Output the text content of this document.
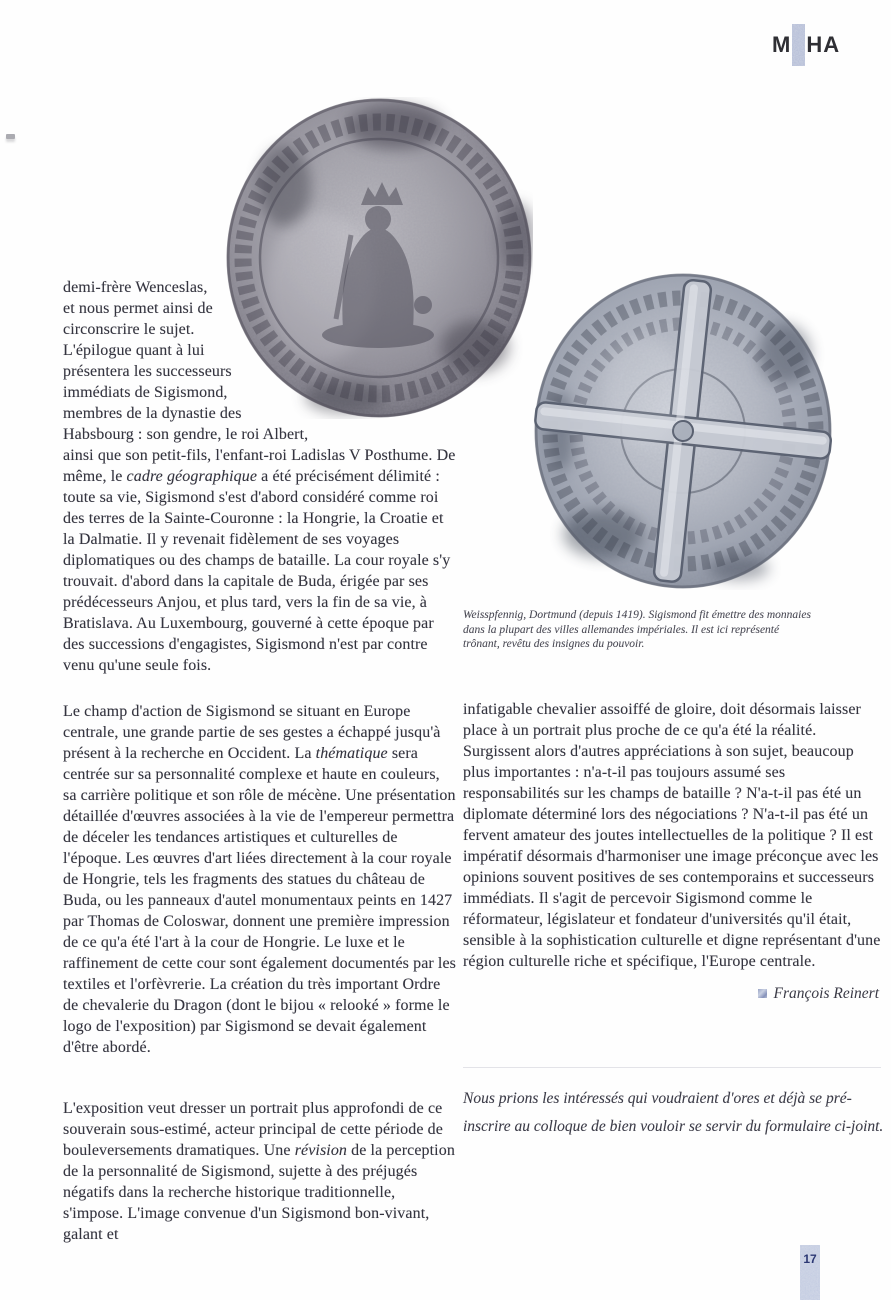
M HA

demi-frère Wenceslas, et nous permet ainsi de circonscrire le sujet. L'épilogue quant à lui présentera les successeurs immédiats de Sigismond, membres de la dynastie des Habsbourg : son gendre, le roi Albert, ainsi que son petit-fils, l'enfant-roi Ladislas V Posthume. De même, le cadre géographique a été précisément délimité : toute sa vie, Sigismond s'est d'abord considéré comme roi des terres de la Sainte-Couronne : la Hongrie, la Croatie et la Dalmatie. Il y revenait fidèlement de ses voyages diplomatiques ou des champs de bataille. La cour royale s'y trouvait. d'abord dans la capitale de Buda, érigée par ses prédécesseurs Anjou, et plus tard, vers la fin de sa vie, à Bratislava. Au Luxembourg, gouverné à cette époque par des successions d'engagistes, Sigismond n'est par contre venu qu'une seule fois.

Le champ d'action de Sigismond se situant en Europe centrale, une grande partie de ses gestes a échappé jusqu'à présent à la recherche en Occident. La thématique sera centrée sur sa personnalité complexe et haute en couleurs, sa carrière politique et son rôle de mécène. Une présentation détaillée d'œuvres associées à la vie de l'empereur permettra de déceler les tendances artistiques et culturelles de l'époque. Les œuvres d'art liées directement à la cour royale de Hongrie, tels les fragments des statues du château de Buda, ou les panneaux d'autel monumentaux peints en 1427 par Thomas de Coloswar, donnent une première impression de ce qu'a été l'art à la cour de Hongrie. Le luxe et le raffinement de cette cour sont également documentés par les textiles et l'orfèvrerie. La création du très important Ordre de chevalerie du Dragon (dont le bijou « relooké » forme le logo de l'exposition) par Sigismond se devait également d'être abordé.

L'exposition veut dresser un portrait plus approfondi de ce souverain sous-estimé, acteur principal de cette période de bouleversements dramatiques. Une révision de la perception de la personnalité de Sigismond, sujette à des préjugés négatifs dans la recherche historique traditionnelle, s'impose. L'image convenue d'un Sigismond bon-vivant, galant et

Weisspfennig, Dortmund (depuis 1419). Sigismond fit émettre des monnaies dans la plupart des villes allemandes impériales. Il est ici représenté trônant, revêtu des insignes du pouvoir.

infatigable chevalier assoiffé de gloire, doit désormais laisser place à un portrait plus proche de ce qu'a été la réalité. Surgissent alors d'autres appréciations à son sujet, beaucoup plus importantes : n'a-t-il pas toujours assumé ses responsabilités sur les champs de bataille ? N'a-t-il pas été un diplomate déterminé lors des négociations ? N'a-t-il pas été un fervent amateur des joutes intellectuelles de la politique ? Il est impératif désormais d'harmoniser une image préconçue avec les opinions souvent positives de ses contemporains et successeurs immédiats. Il s'agit de percevoir Sigismond comme le réformateur, législateur et fondateur d'universités qu'il était, sensible à la sophistication culturelle et digne représentant d'une région culturelle riche et spécifique, l'Europe centrale.

François Reinert

Nous prions les intéressés qui voudraient d'ores et déjà se pré-inscrire au colloque de bien vouloir se servir du formulaire ci-joint.

17
